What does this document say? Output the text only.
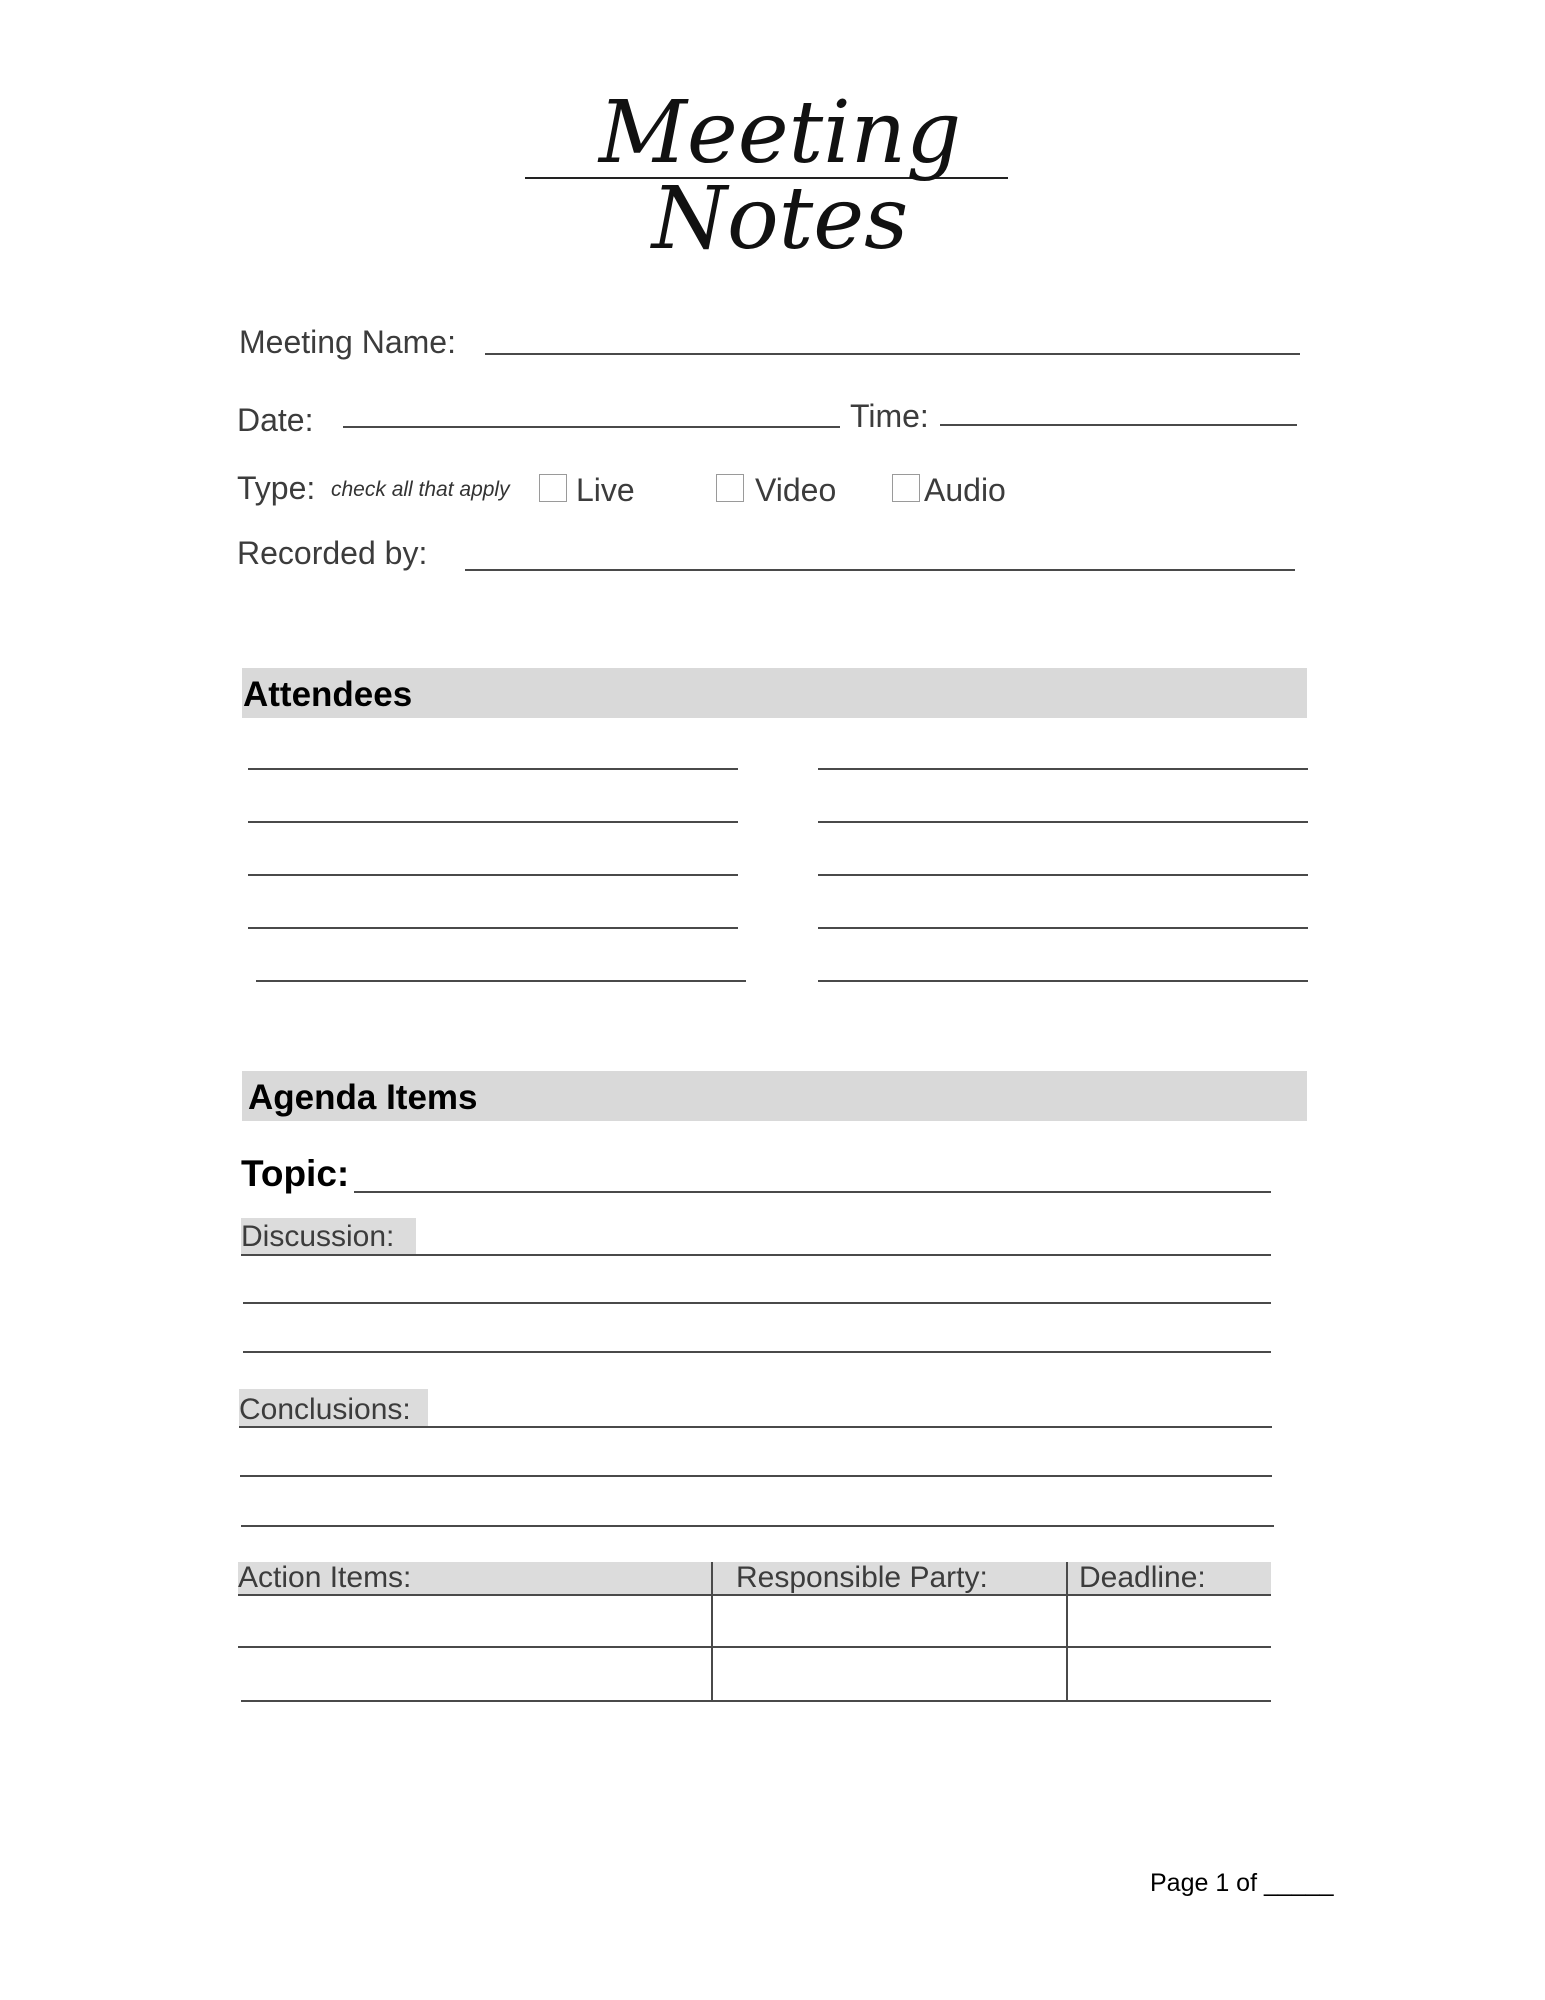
Meeting Notes
Meeting Name:
Date:	Time:
Type: check all that apply Live	Video	Audio
Recorded by:
Attendees
Agenda Items
Topic:
Discussion:
Conclusions:
Action Items:	Responsible Party:	Deadline:
Page 1 of _____
